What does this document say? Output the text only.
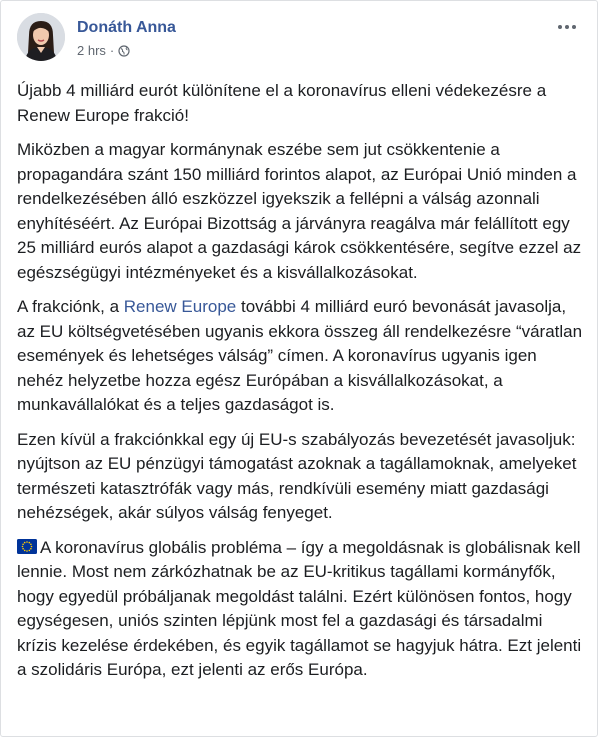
Donáth Anna
2 hrs ·

Újabb 4 milliárd eurót különítene el a koronavírus elleni védekezésre a Renew Europe frakció!

Miközben a magyar kormánynak eszébe sem jut csökkentenie a propagandára szánt 150 milliárd forintos alapot, az Európai Unió minden a rendelkezésében álló eszközzel igyekszik a fellépni a válság azonnali enyhítéséért. Az Európai Bizottság a járványra reagálva már felállított egy 25 milliárd eurós alapot a gazdasági károk csökkentésére, segítve ezzel az egészségügyi intézményeket és a kisvállalkozásokat.

A frakciónk, a Renew Europe további 4 milliárd euró bevonását javasolja, az EU költségvetésében ugyanis ekkora összeg áll rendelkezésre “váratlan események és lehetséges válság” címen. A koronavírus ugyanis igen nehéz helyzetbe hozza egész Európában a kisvállalkozásokat, a munkavállalókat és a teljes gazdaságot is.

Ezen kívül a frakciónkkal egy új EU-s szabályozás bevezetését javasoljuk: nyújtson az EU pénzügyi támogatást azoknak a tagállamoknak, amelyeket természeti katasztrófák vagy más, rendkívüli esemény miatt gazdasági nehézségek, akár súlyos válság fenyeget.

A koronavírus globális probléma – így a megoldásnak is globálisnak kell lennie. Most nem zárkózhatnak be az EU-kritikus tagállami kormányfők, hogy egyedül próbáljanak megoldást találni. Ezért különösen fontos, hogy egységesen, uniós szinten lépjünk most fel a gazdasági és társadalmi krízis kezelése érdekében, és egyik tagállamot se hagyjuk hátra. Ezt jelenti a szolidáris Európa, ezt jelenti az erős Európa.
